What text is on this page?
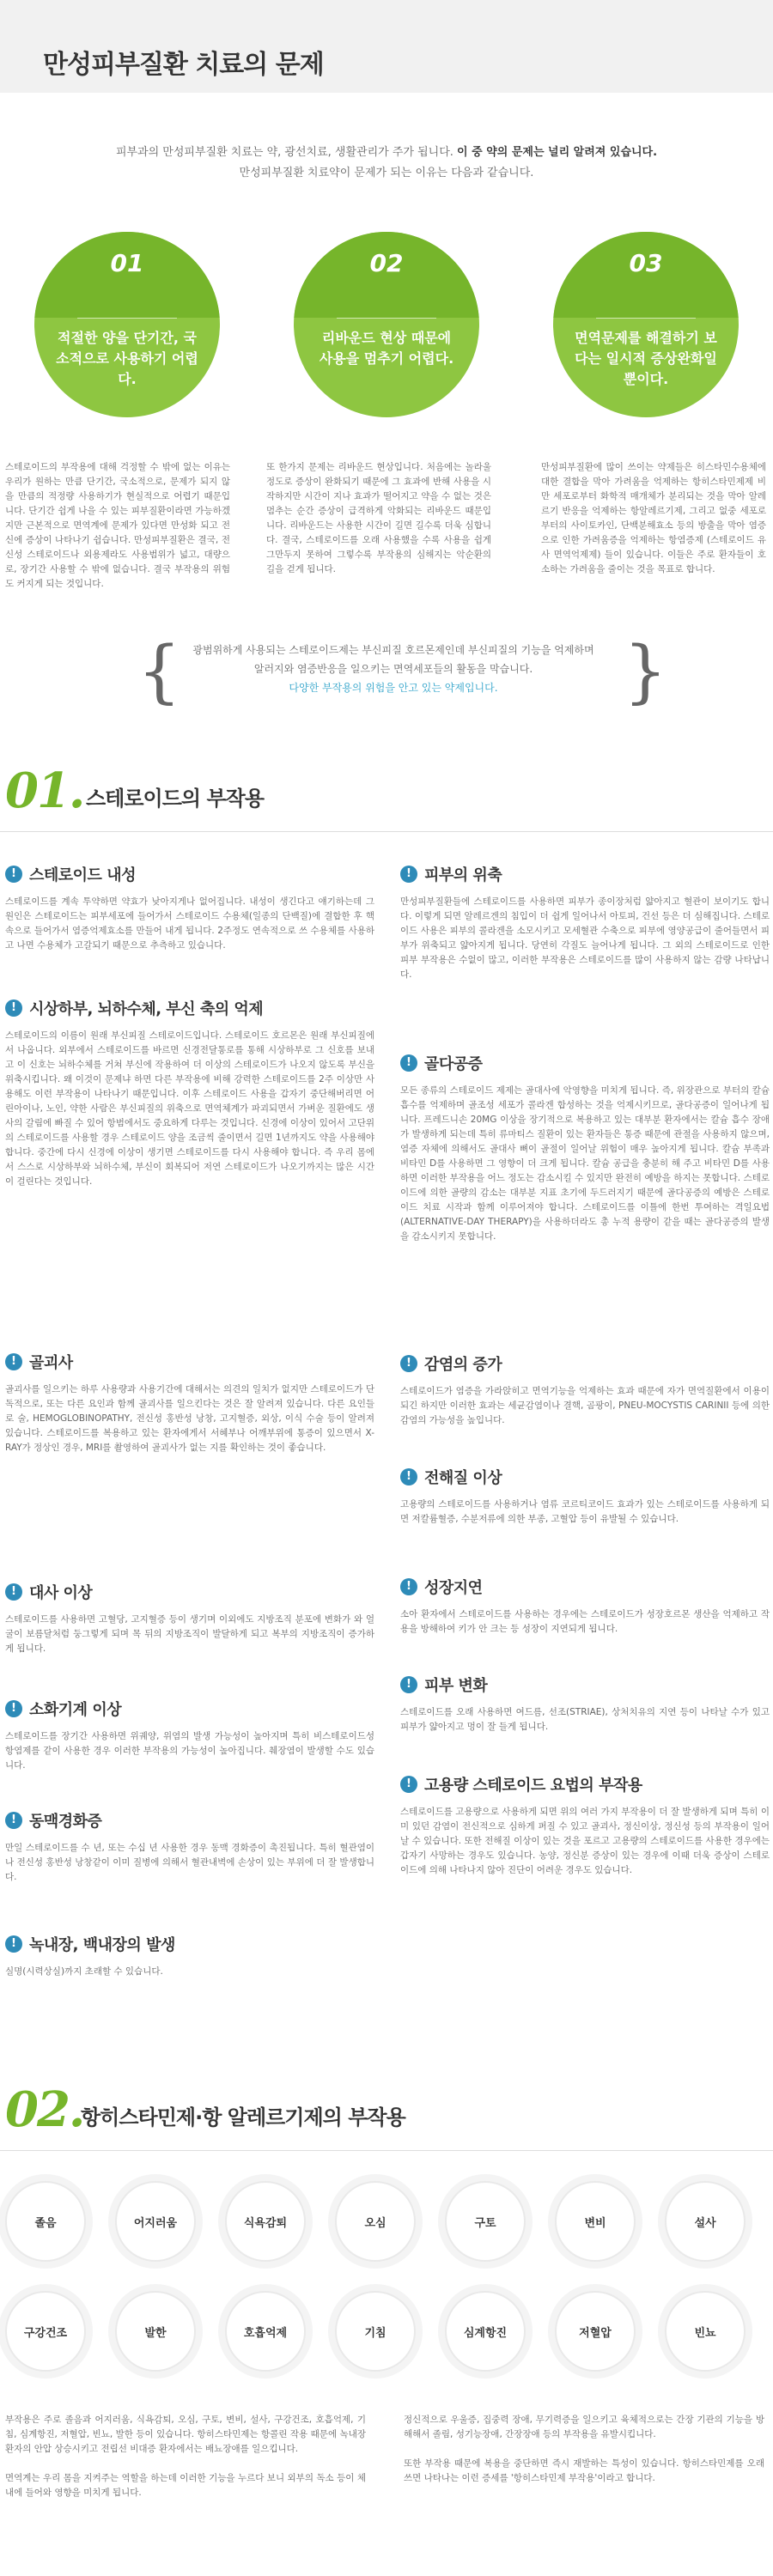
만성피부질환 치료의 문제
피부과의 만성피부질환 치료는 약, 광선치료, 생활관리가 주가 됩니다. 이 중 약의 문제는 널리 알려져 있습니다.
만성피부질환 치료약이 문제가 되는 이유는 다음과 같습니다.
01
적절한 양을 단기간, 국소적으로 사용하기 어렵다.
02
리바운드 현상 때문에 사용을 멈추기 어렵다.
03
면역문제를 해결하기 보다는 일시적 증상완화일 뿐이다.

스테로이드의 부작용에 대해 걱정할 수 밖에 없는 이유는 우리가 원하는 만큼 단기간, 국소적으로, 문제가 되지 않을 만큼의 적정량 사용하기가 현실적으로 어렵기 때문입니다. 단기간 쉽게 나을 수 있는 피부질환이라면 가능하겠지만 근본적으로 면역계에 문제가 있다면 만성화 되고 전신에 증상이 나타나기 쉽습니다. 만성피부질환은 결국, 전신성 스테로이드나 외용제라도 사용범위가 넓고, 대량으로, 장기간 사용할 수 밖에 없습니다. 결국 부작용의 위험도 커지게 되는 것입니다.

또 한가지 문제는 리바운드 현상입니다. 처음에는 놀라울 정도로 증상이 완화되기 때문에 그 효과에 반해 사용을 시작하지만 시간이 지나 효과가 떨어지고 약을 수 없는 것은 멈추는 순간 증상이 급격하게 악화되는 리바운드 때문입니다. 리바운드는 사용한 시간이 길면 길수록 더욱 심합니다. 결국, 스테로이드를 오래 사용했을 수록 사용을 쉽게 그만두지 못하여 그렇수록 부작용의 심해지는 악순환의 길을 걷게 됩니다.

만성피부질환에 많이 쓰이는 약제들은 히스타민수용체에 대한 결합을 막아 가려움을 억제하는 항히스타민제제 비만 세포로부터 화학적 매개체가 분리되는 것을 막아 알레르기 반응을 억제하는 항알레르기제, 그리고 없중 세포로부터의 사이토카인, 단백분해효소 등의 방출을 막아 염증으로 인한 가려움증을 억제하는 항염증제 (스테로이드 유사 면역억제제) 들이 있습니다. 이들은 주로 환자들이 호소하는 가려움을 줄이는 것을 목표로 합니다.

{	}
광범위하게 사용되는 스테로이드제는 부신피질 호르몬제인데 부신피질의 기능을 억제하며
알러지와 염증반응을 일으키는 면역세포들의 활동을 막습니다.
다양한 부작용의 위험을 안고 있는 약제입니다.
01. 스테로이드의 부작용
! 스테로이드 내성

스테로이드를 계속 투약하면 약효가 낮아지게나 없어집니다. 내성이 생긴다고 얘기하는데 그 원인은 스테로이드는 피부세포에 들어가서 스테로이드 수용체(일종의 단백질)에 결합한 후 핵속으로 들어가서 염증억제효소를 만들어 내게 됩니다. 2주정도 연속적으로 쓰 수용체를 사용하고 나면 수용체가 고갈되기 때문으로 추측하고 있습니다.

! 시상하부, 뇌하수체, 부신 축의 억제

스테로이드의 이름이 원래 부신피질 스테로이드입니다. 스테로이드 호르몬은 원래 부신피질에서 나옵니다. 외부에서 스테로이드를 바르면 신경전달통로를 통해 시상하부로 그 신호를 보내고 이 신호는 뇌하수체를 거쳐 부신에 작용하여 더 이상의 스테로이드가 나오지 않도록 부신을 위축시킵니다. 왜 이것이 문제냐 하면 다른 부작용에 비해 강력한 스테로이드를 2주 이상만 사용해도 이런 부작용이 나타나기 때문입니다. 이후 스테로이드 사용을 갑자기 중단해버리면 어린아이나, 노인, 약한 사람은 부신피질의 위축으로 면역체계가 파괴되면서 가벼운 질환에도 생사의 갈림에 빠질 수 있어 항범에서도 중요하게 다루는 것입니다. 신경에 이상이 있어서 고단위의 스테로이드를 사용할 경우 스테로이드 양을 조금씩 줄이면서 길면 1년까지도 약을 사용해야 합니다. 중간에 다시 신경에 이상이 생기면 스테로이드를 다시 사용해야 합니다. 즉 우리 몸에서 스스로 시상하부와 뇌하수체, 부신이 회복되어 저연 스테로이드가 나오기까지는 많은 시간이 걸린다는 것입니다.

! 골괴사

골괴사를 일으키는 하루 사용량과 사용기간에 대해서는 의견의 일치가 없지만 스테로이드가 단독적으로, 또는 다른 요인과 함께 골괴사를 일으킨다는 것은 잘 알려져 있습니다. 다른 요인들로 술, HEMOGLOBINOPATHY, 전신성 홍반성 낭창, 고지혈증, 외상, 이식 수술 등이 알려져 있습니다. 스테로이드를 복용하고 있는 환자에게서 서혜부나 어깨부위에 통증이 있으면서 X-RAY가 정상인 경우, MRI를 촬영하여 골괴사가 없는 지를 확인하는 것이 좋습니다.

! 대사 이상

스테로이드를 사용하면 고혈당, 고지혈증 등이 생기며 이외에도 지방조직 분포에 변화가 와 얼굴이 보름달처럼 둥그렇게 되며 목 뒤의 지방조직이 발달하게 되고 복부의 지방조직이 증가하게 됩니다.

! 소화기계 이상

스테로이드를 장기간 사용하면 위궤양, 위염의 발생 가능성이 높아지며 특히 비스테로이드성 항염제를 같이 사용한 경우 이러한 부작용의 가능성이 높아집니다. 췌장염이 발생할 수도 있습니다.

! 동맥경화증

만일 스테로이드를 수 년, 또는 수십 년 사용한 경우 동맥 경화증이 촉진됩니다. 특히 혈관염이나 전신성 홍반성 낭창같이 이미 질병에 의해서 혈관내벽에 손상이 있는 부위에 더 잘 발생합니다.

! 녹내장, 백내장의 발생

실명(시력상실)까지 초래할 수 있습니다.

! 피부의 위축

만성피부질환들에 스테로이드를 사용하면 피부가 종이장처럼 얇아지고 혈관이 보이기도 합니다. 이렇게 되면 알레르겐의 침입이 더 쉽게 일어나서 아토피, 건선 등은 더 심해집니다. 스테로이드 사용은 피부의 콜라겐을 소모시키고 모세혈관 수축으로 피부에 영양공급이 줄어들면서 피부가 위축되고 얇아지게 됩니다. 당연히 각질도 늘어나게 됩니다. 그 외의 스테로이드로 인한 피부 부작용은 수없이 많고, 이러한 부작용은 스테로이드를 많이 사용하지 않는 감량 나타납니다.

! 골다공증

모든 종류의 스테로이드 제제는 골대사에 악영향을 미치게 됩니다. 즉, 위장관으로 부터의 칼슘 흡수를 억제하며 골조성 세포가 콜라겐 합성하는 것을 억제시키므로, 골다공증이 일어나게 됩니다. 프레드니손 20MG 이상을 장기적으로 복용하고 있는 대부분 환자에서는 칼슘 흡수 장애가 발생하게 되는데 특히 류마티스 질환이 있는 환자들은 통증 때문에 관절을 사용하지 않으며, 염증 자체에 의해서도 골대사 뼈이 골절이 일어날 위험이 매우 높아지게 됩니다. 칼슘 부족과 비타민 D를 사용하면 그 영향이 더 크게 됩니다. 칼슘 공급을 충분히 해 주고 비타민 D를 사용하면 이러한 부작용을 어느 정도는 감소시킬 수 있지만 완전히 예방을 하지는 못합니다. 스테로이드에 의한 골량의 감소는 대부분 지표 초기에 두드러지기 때문에 골다공증의 예방은 스테로이드 치료 시작과 함께 이루어져야 합니다. 스테로이드를 이틀에 한번 투여하는 격일요법(ALTERNATIVE-DAY THERAPY)을 사용하더라도 총 누적 용량이 같을 때는 골다공증의 발생을 감소시키지 못합니다.

! 감염의 증가

스테로이드가 염증을 가라앉히고 면역기능을 억제하는 효과 때문에 자가 면역질환에서 이용이 되긴 하지만 이러한 효과는 세균감염이나 결핵, 곰팡이, PNEU-MOCYSTIS CARINII 등에 의한 감염의 가능성을 높입니다.

! 전해질 이상

고용량의 스테로이드를 사용하거나 염류 코르티코이드 효과가 있는 스테로이드를 사용하게 되면 저칼륨혈증, 수분저류에 의한 부종, 고혈압 등이 유발될 수 있습니다.

! 성장지연

소아 환자에서 스테로이드를 사용하는 경우에는 스테로이드가 성장호르몬 생산을 억제하고 작용을 방해하여 키가 안 크는 등 성장이 지연되게 됩니다.

! 피부 변화

스테로이드를 오래 사용하면 여드름, 선조(STRIAE), 상처치유의 지연 등이 나타날 수가 있고 피부가 얇아지고 멍이 잘 들게 됩니다.

! 고용량 스테로이드 요법의 부작용

스테로이드를 고용량으로 사용하게 되면 위의 여러 가지 부작용이 더 잘 발생하게 되며 특히 이미 있던 감염이 전신적으로 심하게 퍼질 수 있고 골괴사, 정신이상, 정신성 등의 부작용이 일어날 수 있습니다. 또한 전해질 이상이 있는 것을 포르고 고용량의 스테로이드를 사용한 경우에는 갑자기 사망하는 경우도 있습니다. 농양, 정신분 증상이 있는 경우에 이때 더욱 증상이 스테로이드에 의해 나타나지 않아 진단이 어려운 경우도 있습니다.

02.
항히스타민제·항 알레르기제의 부작용
졸음	어지러움	식욕감퇴	오심	구토	변비	설사
구강건조	발한	호흡억제	기침	심계항진	저혈압	빈뇨

부작용은 주로 졸음과 어지러움, 식욕감퇴, 오심, 구토, 변비, 설사, 구강건조, 호흡억제, 기침, 심계항진, 저혈압, 빈뇨, 발한 등이 있습니다. 항히스타민제는 항콜린 작용 때문에 녹내장 환자의 안압 상승시키고 전립선 비대증 환자에서는 배뇨장애를 일으킵니다.

면역계는 우리 몸을 지켜주는 역할을 하는데 이러한 기능을 누르다 보니 외부의 독소 등이 체내에 들어와 영향을 미치게 됩니다.

정신적으로 우울증, 집중력 장애, 무기력증을 일으키고 육체적으로는 간장 기관의 기능을 방해해서 졸림, 성기능장애, 간장장애 등의 부작용을 유발시킵니다.

또한 부작용 때문에 복용을 중단하면 즉시 재발하는 특성이 있습니다. 항히스타민제를 오래쓰면 나타나는 이런 증세를 '항히스타민제 부작용'이라고 합니다.
